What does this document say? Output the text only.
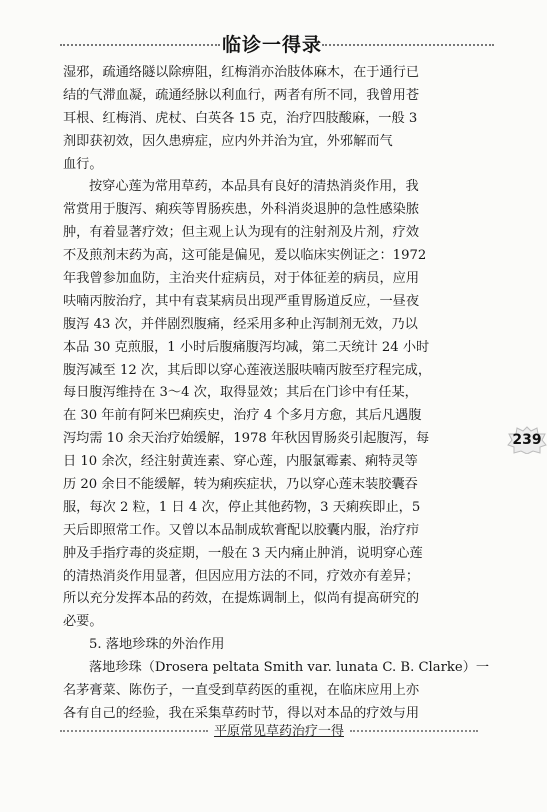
临诊一得录
湿邪，疏通络隧以除痹阻，红梅消亦治肢体麻木，在于通行已
结的气滞血凝，疏通经脉以利血行，两者有所不同，我曾用苍
耳根、红梅消、虎杖、白英各 15 克，治疗四肢酸麻，一般 3
剂即获初效，因久患痹症，应内外并治为宜，外邪解而气
血行。
按穿心莲为常用草药，本品具有良好的清热消炎作用，我
常赏用于腹泻、痢疾等胃肠疾患，外科消炎退肿的急性感染脓
肿，有着显著疗效；但主观上认为现有的注射剂及片剂，疗效
不及煎剂末药为高，这可能是偏见，爰以临床实例证之：1972
年我曾参加血防，主治夹什症病员，对于体征差的病员，应用
呋喃丙胺治疗，其中有袁某病员出现严重胃肠道反应，一昼夜
腹泻 43 次，并伴剧烈腹痛，经采用多种止泻制剂无效，乃以
本品 30 克煎服，1 小时后腹痛腹泻均减，第二天统计 24 小时
腹泻减至 12 次，其后即以穿心莲液送服呋喃丙胺至疗程完成，
每日腹泻维持在 3～4 次，取得显效；其后在门诊中有任某，
在 30 年前有阿米巴痢疾史，治疗 4 个多月方愈，其后凡遇腹
泻均需 10 余天治疗始缓解，1978 年秋因胃肠炎引起腹泻，每
日 10 余次，经注射黄连素、穿心莲，内服氯霉素、痢特灵等
历 20 余日不能缓解，转为痢疾症状，乃以穿心莲末装胶囊吞
服，每次 2 粒，1 日 4 次，停止其他药物，3 天痢疾即止，5
天后即照常工作。又曾以本品制成软膏配以胶囊内服，治疗疖
肿及手指疗毒的炎症期，一般在 3 天内痛止肿消，说明穿心莲
的清热消炎作用显著，但因应用方法的不同，疗效亦有差异；
所以充分发挥本品的药效，在提炼调制上，似尚有提高研究的
必要。
5. 落地珍珠的外治作用
落地珍珠（Drosera peltata Smith var. lunata C. B. Clarke）一
名茅膏菜、陈伤子，一直受到草药医的重视，在临床应用上亦
各有自己的经验，我在采集草药时节，得以对本品的疗效与用
239
平原常见草药治疗一得
